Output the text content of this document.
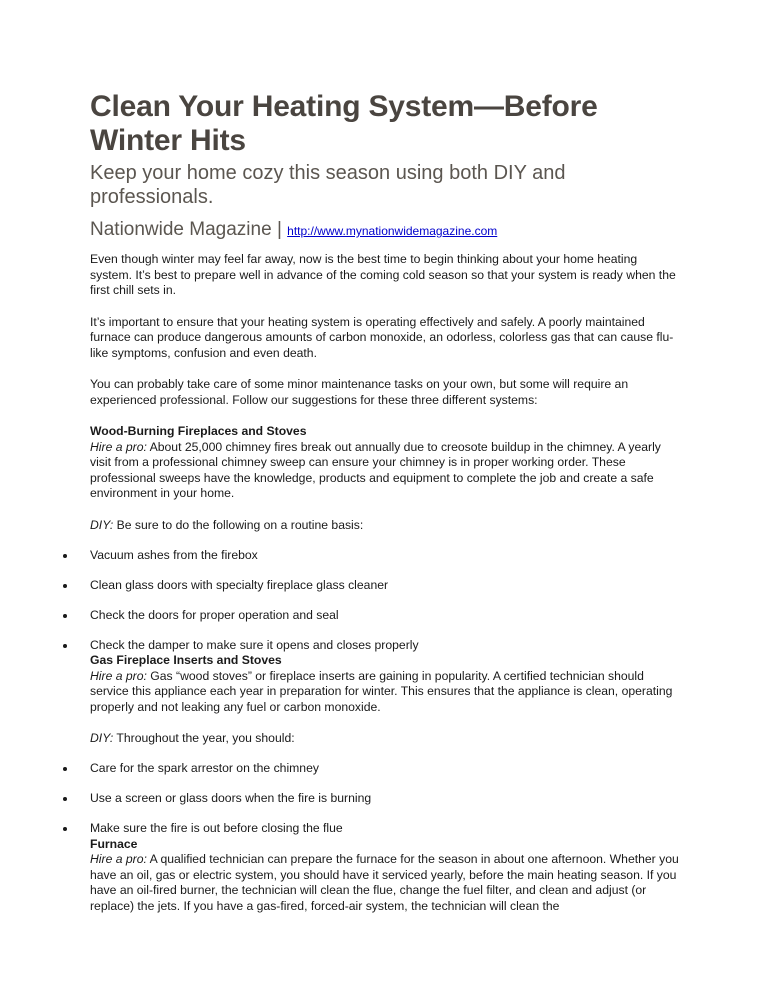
Clean Your Heating System—Before Winter Hits
Keep your home cozy this season using both DIY and professionals.
Nationwide Magazine | http://www.mynationwidemagazine.com

Even though winter may feel far away, now is the best time to begin thinking about your home heating system. It’s best to prepare well in advance of the coming cold season so that your system is ready when the first chill sets in.

It’s important to ensure that your heating system is operating effectively and safely. A poorly maintained furnace can produce dangerous amounts of carbon monoxide, an odorless, colorless gas that can cause flu-like symptoms, confusion and even death.

You can probably take care of some minor maintenance tasks on your own, but some will require an experienced professional. Follow our suggestions for these three different systems:

Wood-Burning Fireplaces and Stoves
Hire a pro: About 25,000 chimney fires break out annually due to creosote buildup in the chimney. A yearly visit from a professional chimney sweep can ensure your chimney is in proper working order. These professional sweeps have the knowledge, products and equipment to complete the job and create a safe environment in your home.

DIY: Be sure to do the following on a routine basis:

Vacuum ashes from the firebox
Clean glass doors with specialty fireplace glass cleaner
Check the doors for proper operation and seal
Check the damper to make sure it opens and closes properly
Gas Fireplace Inserts and Stoves
Hire a pro: Gas “wood stoves” or fireplace inserts are gaining in popularity. A certified technician should service this appliance each year in preparation for winter. This ensures that the appliance is clean, operating properly and not leaking any fuel or carbon monoxide.

DIY: Throughout the year, you should:

Care for the spark arrestor on the chimney
Use a screen or glass doors when the fire is burning
Make sure the fire is out before closing the flue
Furnace
Hire a pro: A qualified technician can prepare the furnace for the season in about one afternoon. Whether you have an oil, gas or electric system, you should have it serviced yearly, before the main heating season. If you have an oil-fired burner, the technician will clean the flue, change the fuel filter, and clean and adjust (or replace) the jets. If you have a gas-fired, forced-air system, the technician will clean the
